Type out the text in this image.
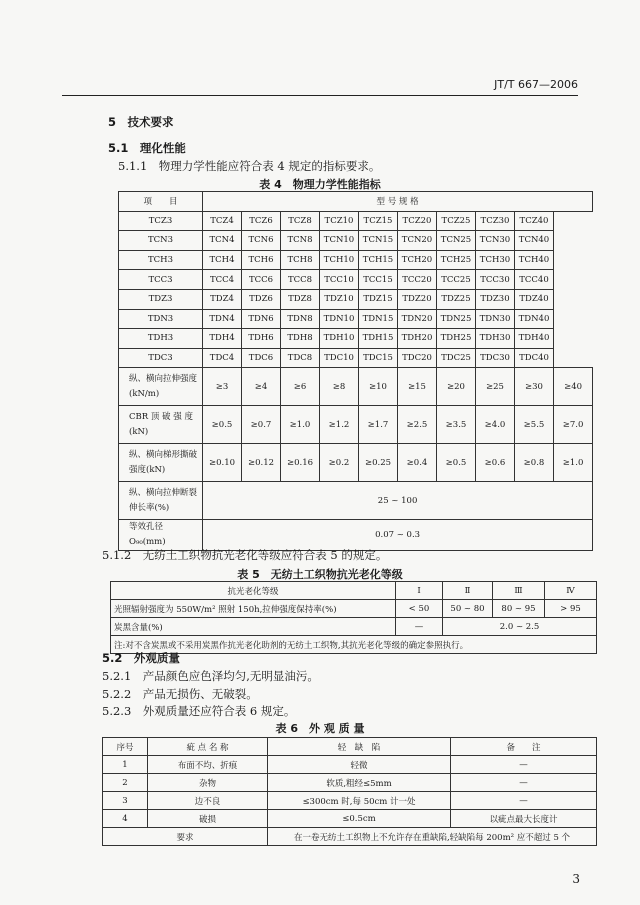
JT/T 667—2006
5　技术要求
5.1　理化性能
5.1.1　物理力学性能应符合表 4 规定的指标要求。
表 4　物理力学性能指标
项　　目	型 号 规 格									
TCZ3	TCZ4	TCZ6	TCZ8	TCZ10	TCZ15	TCZ20	TCZ25	TCZ30	TCZ40	
TCN3	TCN4	TCN6	TCN8	TCN10	TCN15	TCN20	TCN25	TCN30	TCN40	
TCH3	TCH4	TCH6	TCH8	TCH10	TCH15	TCH20	TCH25	TCH30	TCH40	
TCC3	TCC4	TCC6	TCC8	TCC10	TCC15	TCC20	TCC25	TCC30	TCC40	
TDZ3	TDZ4	TDZ6	TDZ8	TDZ10	TDZ15	TDZ20	TDZ25	TDZ30	TDZ40	
TDN3	TDN4	TDN6	TDN8	TDN10	TDN15	TDN20	TDN25	TDN30	TDN40	
TDH3	TDH4	TDH6	TDH8	TDH10	TDH15	TDH20	TDH25	TDH30	TDH40	
TDC3	TDC4	TDC6	TDC8	TDC10	TDC15	TDC20	TDC25	TDC30	TDC40	
纵、横向拉伸强度(kN/m)	≥3	≥4	≥6	≥8	≥10	≥15	≥20	≥25	≥30	≥40
CBR 顶 破 强 度(kN)	≥0.5	≥0.7	≥1.0	≥1.2	≥1.7	≥2.5	≥3.5	≥4.0	≥5.5	≥7.0
纵、横向梯形撕破强度(kN)	≥0.10	≥0.12	≥0.16	≥0.2	≥0.25	≥0.4	≥0.5	≥0.6	≥0.8	≥1.0
纵、横向拉伸断裂伸长率(%)	25 ~ 100									
等效孔径 O₉₀(mm)	0.07 ~ 0.3									
5.1.2　无纺土工织物抗光老化等级应符合表 5 的规定。
表 5　无纺土工织物抗光老化等级
抗光老化等级	Ⅰ	Ⅱ	Ⅲ	Ⅳ
光照辐射强度为 550W/m² 照射 150h,拉伸强度保持率(%)	< 50	50 ~ 80	80 ~ 95	> 95
炭黑含量(%)	—	2.0 ~ 2.5		
注:对不含炭黑或不采用炭黑作抗光老化助剂的无纺土工织物,其抗光老化等级的确定参照执行。				
5.2　外观质量
5.2.1　产品颜色应色泽均匀,无明显油污。
5.2.2　产品无损伤、无破裂。
5.2.3　外观质量还应符合表 6 规定。
表 6　外 观 质 量
序号	疵 点 名 称	轻　缺　陷	备　　注
1	布面不均、折痕	轻微	—
2	杂物	软质,粗经≤5mm	—
3	边不良	≤300cm 时,每 50cm 计一处	—
4	破损	≤0.5cm	以疵点最大长度计
要求		在一卷无纺土工织物上不允许存在重缺陷,轻缺陷每 200m² 应不超过 5 个	
3
